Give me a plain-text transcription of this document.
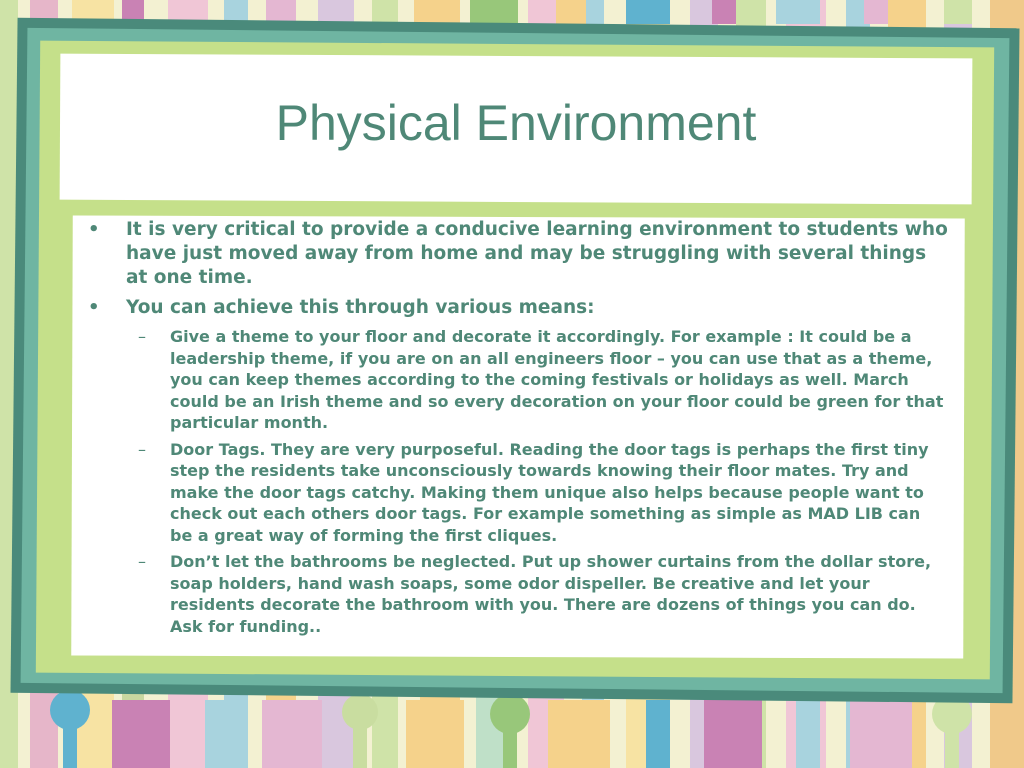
Physical Environment
• It is very critical to provide a conducive learning environment to students who have just moved away from home and may be struggling with several things at one time.
• You can achieve this through various means:
– Give a theme to your floor and decorate it accordingly. For example : It could be a leadership theme, if you are on an all engineers floor – you can use that as a theme, you can keep themes according to the coming festivals or holidays as well. March could be an Irish theme and so every decoration on your floor could be green for that particular month.
– Door Tags. They are very purposeful. Reading the door tags is perhaps the first tiny step the residents take unconsciously towards knowing their floor mates. Try and make the door tags catchy. Making them unique also helps because people want to check out each others door tags. For example something as simple as MAD LIB can be a great way of forming the first cliques.
– Don’t let the bathrooms be neglected. Put up shower curtains from the dollar store, soap holders, hand wash soaps, some odor dispeller. Be creative and let your residents decorate the bathroom with you. There are dozens of things you can do. Ask for funding..
